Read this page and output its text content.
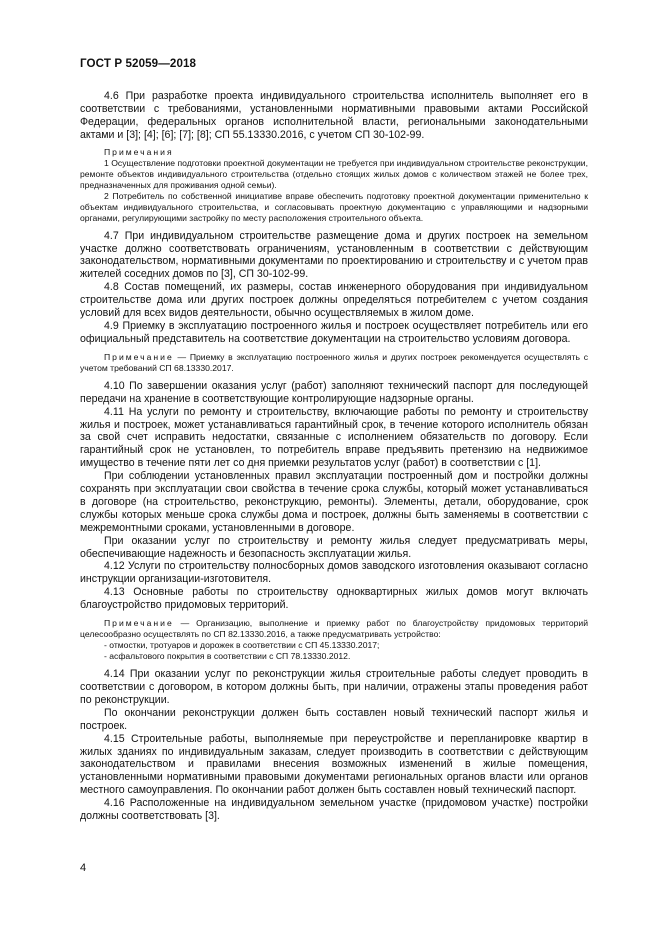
ГОСТ Р 52059—2018

4.6 При разработке проекта индивидуального строительства исполнитель выполняет его в соответствии с требованиями, установленными нормативными правовыми актами Российской Федерации, федеральных органов исполнительной власти, региональными законодательными актами и [3]; [4]; [6]; [7]; [8]; СП 55.13330.2016, с учетом СП 30-102-99.

Примечания

1 Осуществление подготовки проектной документации не требуется при индивидуальном строительстве реконструкции, ремонте объектов индивидуального строительства (отдельно стоящих жилых домов с количеством этажей не более трех, предназначенных для проживания одной семьи).

2 Потребитель по собственной инициативе вправе обеспечить подготовку проектной документации применительно к объектам индивидуального строительства, и согласовывать проектную документацию с управляющими и надзорными органами, регулирующими застройку по месту расположения строительного объекта.

4.7 При индивидуальном строительстве размещение дома и других построек на земельном участке должно соответствовать ограничениям, установленным в соответствии с действующим законодательством, нормативными документами по проектированию и строительству и с учетом прав жителей соседних домов по [3], СП 30-102-99.

4.8 Состав помещений, их размеры, состав инженерного оборудования при индивидуальном строительстве дома или других построек должны определяться потребителем с учетом создания условий для всех видов деятельности, обычно осуществляемых в жилом доме.

4.9 Приемку в эксплуатацию построенного жилья и построек осуществляет потребитель или его официальный представитель на соответствие документации на строительство условиям договора.

Примечание — Приемку в эксплуатацию построенного жилья и других построек рекомендуется осуществлять с учетом требований СП 68.13330.2017.

4.10 По завершении оказания услуг (работ) заполняют технический паспорт для последующей передачи на хранение в соответствующие контролирующие надзорные органы.

4.11 На услуги по ремонту и строительству, включающие работы по ремонту и строительству жилья и построек, может устанавливаться гарантийный срок, в течение которого исполнитель обязан за свой счет исправить недостатки, связанные с исполнением обязательств по договору. Если гарантийный срок не установлен, то потребитель вправе предъявить претензию на недвижимое имущество в течение пяти лет со дня приемки результатов услуг (работ) в соответствии с [1].

При соблюдении установленных правил эксплуатации построенный дом и постройки должны сохранять при эксплуатации свои свойства в течение срока службы, который может устанавливаться в договоре (на строительство, реконструкцию, ремонты). Элементы, детали, оборудование, срок службы которых меньше срока службы дома и построек, должны быть заменяемы в соответствии с межремонтными сроками, установленными в договоре.

При оказании услуг по строительству и ремонту жилья следует предусматривать меры, обеспечивающие надежность и безопасность эксплуатации жилья.

4.12 Услуги по строительству полносборных домов заводского изготовления оказывают согласно инструкции организации-изготовителя.

4.13 Основные работы по строительству одноквартирных жилых домов могут включать благоустройство придомовых территорий.

Примечание — Организацию, выполнение и приемку работ по благоустройству придомовых территорий целесообразно осуществлять по СП 82.13330.2016, а также предусматривать устройство:

- отмостки, тротуаров и дорожек в соответствии с СП 45.13330.2017;

- асфальтового покрытия в соответствии с СП 78.13330.2012.

4.14 При оказании услуг по реконструкции жилья строительные работы следует проводить в соответствии с договором, в котором должны быть, при наличии, отражены этапы проведения работ по реконструкции.

По окончании реконструкции должен быть составлен новый технический паспорт жилья и построек.

4.15 Строительные работы, выполняемые при переустройстве и перепланировке квартир в жилых зданиях по индивидуальным заказам, следует производить в соответствии с действующим законодательством и правилами внесения возможных изменений в жилые помещения, установленными нормативными правовыми документами региональных органов власти или органов местного самоуправления. По окончании работ должен быть составлен новый технический паспорт.

4.16 Расположенные на индивидуальном земельном участке (придомовом участке) постройки должны соответствовать [3].

4
